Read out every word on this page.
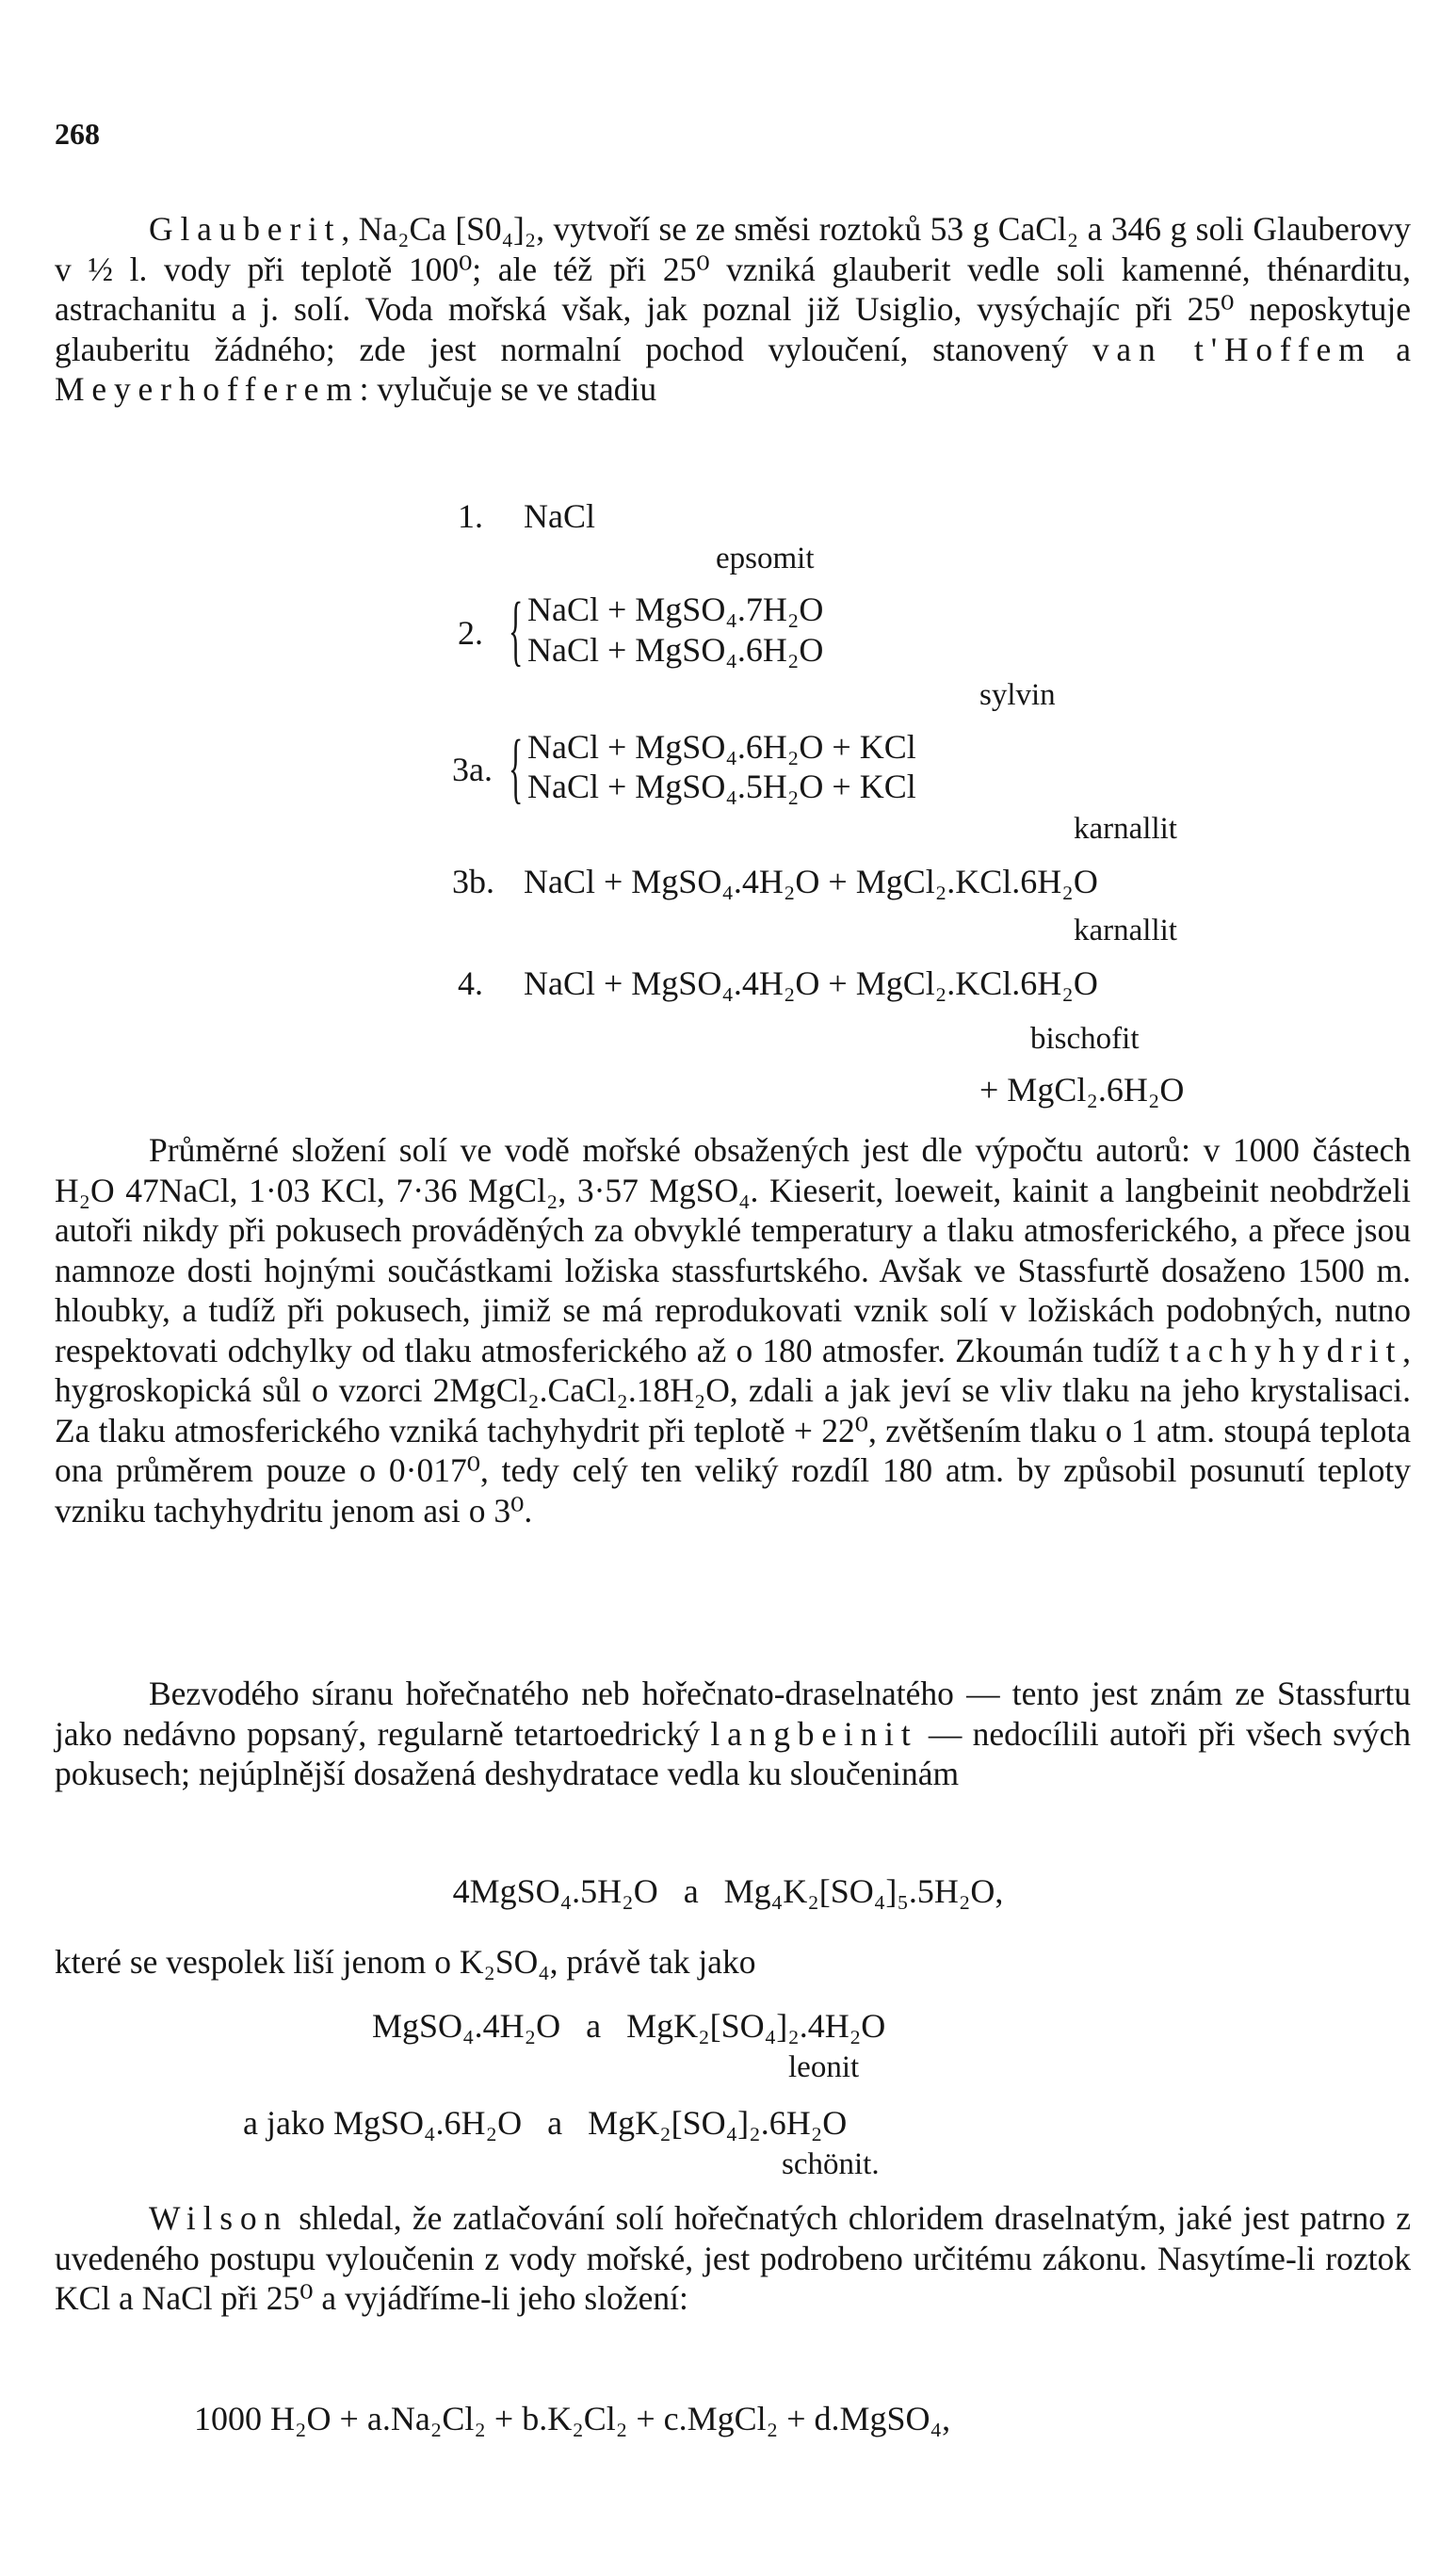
268

Glauberit, Na₂Ca [S0₄]₂, vytvoří se ze směsi roztoků 53 g CaCl₂ a 346 g soli Glauberovy v ½ l. vody při teplotě 100⁰; ale též při 25⁰ vzniká glauberit vedle soli kamenné, thénarditu, astrachanitu a j. solí. Voda mořská však, jak poznal již Usiglio, vysýchajíc při 25⁰ neposkytuje glauberitu žádného; zde jest normalní pochod vyloučení, stanovený van t'Hoffem a Meyerhofferem: vylučuje se ve stadiu

1. NaCl
epsomit
2. { NaCl + MgSO₄.7H₂O
NaCl + MgSO₄.6H₂O
sylvin
3a. { NaCl + MgSO₄.6H₂O + KCl
NaCl + MgSO₄.5H₂O + KCl
karnallit
3b. NaCl + MgSO₄.4H₂O + MgCl₂.KCl.6H₂O
karnallit
4. NaCl + MgSO₄.4H₂O + MgCl₂.KCl.6H₂O
bischofit
+ MgCl₂.6H₂O

Průměrné složení solí ve vodě mořské obsažených jest dle výpočtu autorů: v 1000 částech H₂O 47NaCl, 1·03 KCl, 7·36 MgCl₂, 3·57 MgSO₄. Kieserit, loeweit, kainit a langbeinit neobdrželi autoři nikdy při pokusech prováděných za obvyklé temperatury a tlaku atmosferického, a přece jsou namnoze dosti hojnými součástkami ložiska stassfurtského. Avšak ve Stassfurtě dosaženo 1500 m. hloubky, a tudíž při pokusech, jimiž se má reprodukovati vznik solí v ložiskách podobných, nutno respektovati odchylky od tlaku atmosferického až o 180 atmosfer. Zkoumán tudíž tachyhydrit, hygroskopická sůl o vzorci 2MgCl₂.CaCl₂.18H₂O, zdali a jak jeví se vliv tlaku na jeho krystalisaci. Za tlaku atmosferického vzniká tachyhydrit při teplotě + 22⁰, zvětšením tlaku o 1 atm. stoupá teplota ona průměrem pouze o 0·017⁰, tedy celý ten veliký rozdíl 180 atm. by způsobil posunutí teploty vzniku tachyhydritu jenom asi o 3⁰.

Bezvodého síranu hořečnatého neb hořečnato-draselnatého — tento jest znám ze Stassfurtu jako nedávno popsaný, regularně tetartoedrický langbeinit — nedocílili autoři při všech svých pokusech; nejúplnější dosažená deshydratace vedla ku sloučeninám

4MgSO₄.5H₂O   a   Mg₄K₂[SO₄]₅.5H₂O,

které se vespolek liší jenom o K₂SO₄, právě tak jako

MgSO₄.4H₂O   a   MgK₂[SO₄]₂.4H₂O
leonit
a jako MgSO₄.6H₂O   a   MgK₂[SO₄]₂.6H₂O
schönit.

Wilson shledal, že zatlačování solí hořečnatých chloridem draselnatým, jaké jest patrno z uvedeného postupu vyloučenin z vody mořské, jest podrobeno určitému zákonu. Nasytíme-li roztok KCl a NaCl při 25⁰ a vyjádříme-li jeho složení:

1000 H₂O + a.Na₂Cl₂ + b.K₂Cl₂ + c.MgCl₂ + d.MgSO₄,
